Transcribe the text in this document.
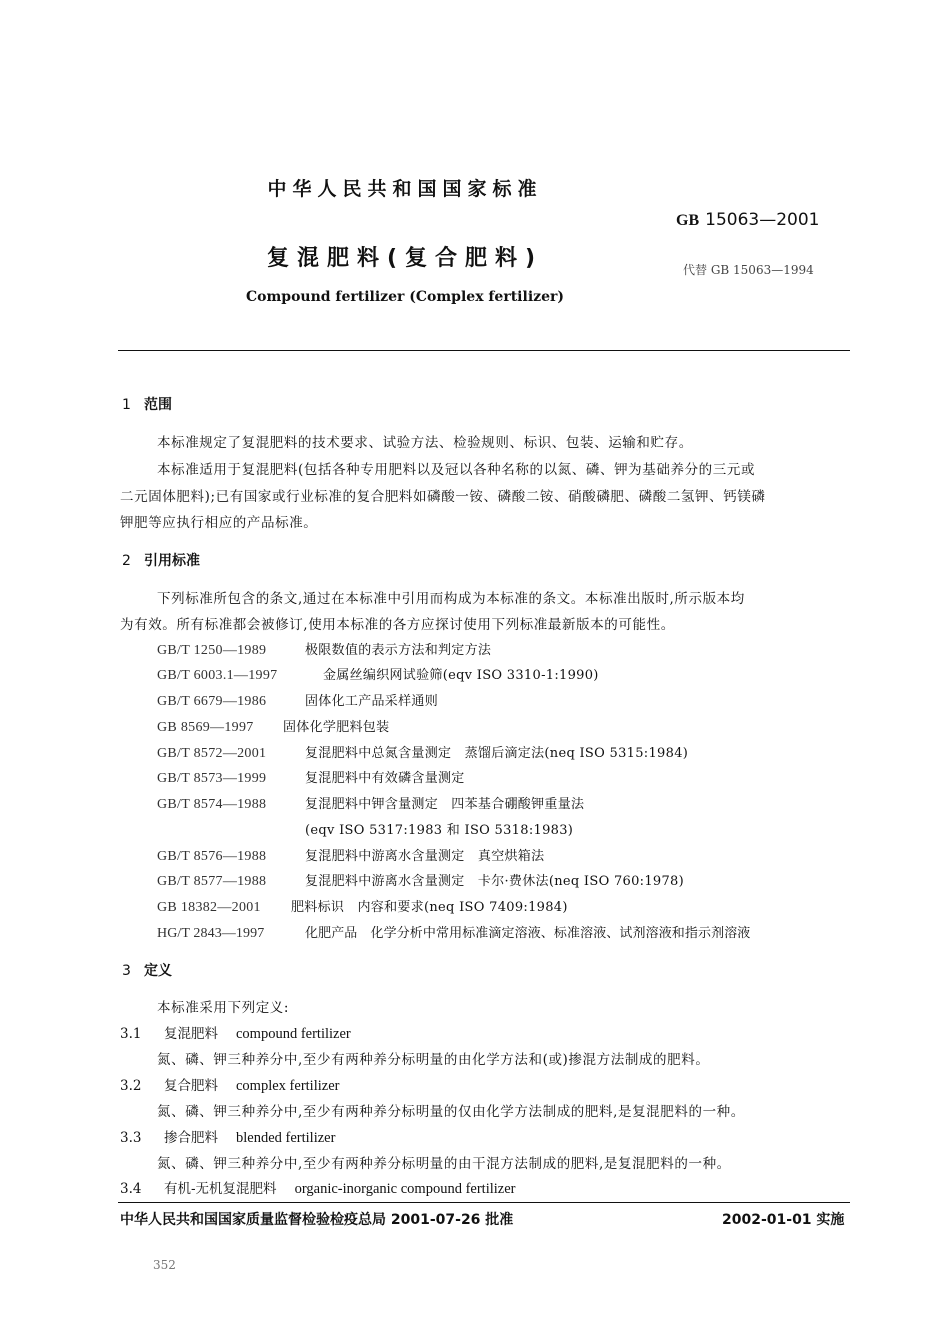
中华人民共和国国家标准
GB 15063—2001
复混肥料(复合肥料)	代替 GB 15063—1994
Compound fertilizer (Complex fertilizer)
1 范围
本标准规定了复混肥料的技术要求、试验方法、检验规则、标识、包装、运输和贮存。
本标准适用于复混肥料(包括各种专用肥料以及冠以各种名称的以氮、磷、钾为基础养分的三元或
二元固体肥料);已有国家或行业标准的复合肥料如磷酸一铵、磷酸二铵、硝酸磷肥、磷酸二氢钾、钙镁磷
钾肥等应执行相应的产品标准。
2 引用标准
下列标准所包含的条文,通过在本标准中引用而构成为本标准的条文。本标准出版时,所示版本均
为有效。所有标准都会被修订,使用本标准的各方应探讨使用下列标准最新版本的可能性。
GB/T 1250—1989	极限数值的表示方法和判定方法
GB/T 6003.1—1997	金属丝编织网试验筛(eqv ISO 3310-1:1990)
GB/T 6679—1986	固体化工产品采样通则
GB 8569—1997 固体化学肥料包装
GB/T 8572—2001	复混肥料中总氮含量测定　蒸馏后滴定法(neq ISO 5315:1984)
GB/T 8573—1999	复混肥料中有效磷含量测定
GB/T 8574—1988	复混肥料中钾含量测定　四苯基合硼酸钾重量法
(eqv ISO 5317:1983 和 ISO 5318:1983)
GB/T 8576—1988	复混肥料中游离水含量测定　真空烘箱法
GB/T 8577—1988	复混肥料中游离水含量测定　卡尔·费休法(neq ISO 760:1978)
GB 18382—2001 肥料标识　内容和要求(neq ISO 7409:1984)
HG/T 2843—1997	化肥产品　化学分析中常用标准滴定溶液、标准溶液、试剂溶液和指示剂溶液
3 定义
本标准采用下列定义:
3.1 复混肥料 compound fertilizer
氮、磷、钾三种养分中,至少有两种养分标明量的由化学方法和(或)掺混方法制成的肥料。
3.2 复合肥料 complex fertilizer
氮、磷、钾三种养分中,至少有两种养分标明量的仅由化学方法制成的肥料,是复混肥料的一种。
3.3 掺合肥料 blended fertilizer
氮、磷、钾三种养分中,至少有两种养分标明量的由干混方法制成的肥料,是复混肥料的一种。
3.4 有机-无机复混肥料 organic-inorganic compound fertilizer
中华人民共和国国家质量监督检验检疫总局 2001-07-26 批准	2002-01-01 实施
352
